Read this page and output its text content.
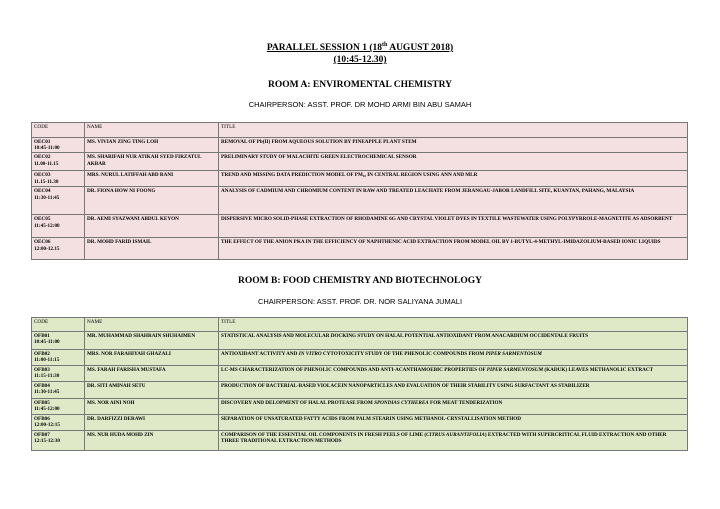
PARALLEL SESSION 1 (18th AUGUST 2018)
(10:45-12.30)
ROOM A: ENVIROMENTAL CHEMISTRY
CHAIRPERSON: ASST. PROF. DR MOHD ARMI BIN ABU SAMAH
CODE	NAME	TITLE

OEC01
10:45-11:00	MS. VIVIAN ZING TING LOH	REMOVAL OF Pb(II) FROM AQUEOUS SOLUTION BY PINEAPPLE PLANT STEM

OEC02
11.00-11.15	MS. SHARIFAH NUR ATIKAH SYED FIRZATUL AKBAR	PRELIMINARY STUDY OF MALACHITE GREEN ELECTROCHEMICAL SENSOR

OEC03
11.15-11.30	MRS. NURUL LATIFFAH ABD RANI	TREND AND MISSING DATA PREDICTION MODEL OF PM₁₀ IN CENTRAL REGION USING ANN AND MLR

OEC04
11:30-11:45	DR. FIONA HOW NI FOONG	ANALYSIS OF CADMIUM AND CHROMIUM CONTENT IN RAW AND TREATED LEACHATE FROM JERANGAU-JABOR LANDFILL SITE, KUANTAN, PAHANG, MALAYSIA

OEC05
11:45-12:00	DR. AEMI SYAZWANI ABDUL KEYON	DISPERSIVE MICRO SOLID-PHASE EXTRACTION OF RHODAMINE 6G AND CRYSTAL VIOLET DYES IN TEXTILE WASTEWATER USING POLYPYRROLE-MAGNETITE AS ADSORBENT

OEC06
12:00-12.15	DR. MOHD FARID ISMAIL	THE EFFECT OF THE ANION PKA IN THE EFFICIENCY OF NAPHTHENIC ACID EXTRACTION FROM MODEL OIL BY 1-BUTYL-4-METHYL-IMIDAZOLIUM-BASED IONIC LIQUIDS
ROOM B: FOOD CHEMISTRY AND BIOTECHNOLOGY
CHAIRPERSON: ASST. PROF. DR. NOR SALIYANA JUMALI
CODE	NAME	TITLE

OFB01
10:45-11:00	MR. MUHAMMAD SHAHRAIN SHUHAIMEN	STATISTICAL ANALYSIS AND MOLECULAR DOCKING STUDY ON HALAL POTENTIAL ANTIOXIDANT FROM ANACARDIUM OCCIDENTALE FRUITS

OFB02
11:00-11:15	MRS. NOR FARAHIYAH GHAZALI	ANTIOXIDANT ACTIVITY AND IN VITRO CYTOTOXICITY STUDY OF THE PHENOLIC COMPOUNDS FROM PIPER SARMENTOSUM

OFB03
11:15-11:30	MS. FARAH FARISHA MUSTAFA	LC-MS CHARACTERIZATION OF PHENOLIC COMPOUNDS AND ANTI-ACANTHAMOEBIC PROPERTIES OF PIPER SARMENTOSUM (KADUK) LEAVES METHANOLIC EXTRACT

OFB04
11:30-11:45	DR. SITI AMINAH SETU	PRODUCTION OF BACTERIAL-BASED VIOLACEIN NANOPARTICLES AND EVALUATION OF THEIR STABILITY USING SURFACTANT AS STABILIZER

OFB05
11:45-12:00	MS. NOR AINI NOH	DISCOVERY AND DELOPMENT OF HALAL PROTEASE FROM SPONDIAS CYTHEREA FOR MEAT TENDERIZATION

OFB06
12:00-12:15	DR. DARFIZZI DERAWI	SEPARATION OF UNSATURATED FATTY ACIDS FROM PALM STEARIN USING METHANOL-CRYSTALLISATION METHOD

OFB07
12:15-12:30	MS. NUR HUDA MOHD ZIN	COMPARISON OF THE ESSENTIAL OIL COMPONENTS IN FRESH PEELS OF LIME (CITRUS AURANTIFOLIA) EXTRACTED WITH SUPERCRITICAL FLUID EXTRACTION AND OTHER THREE TRADITIONAL EXTRACTION METHODS
